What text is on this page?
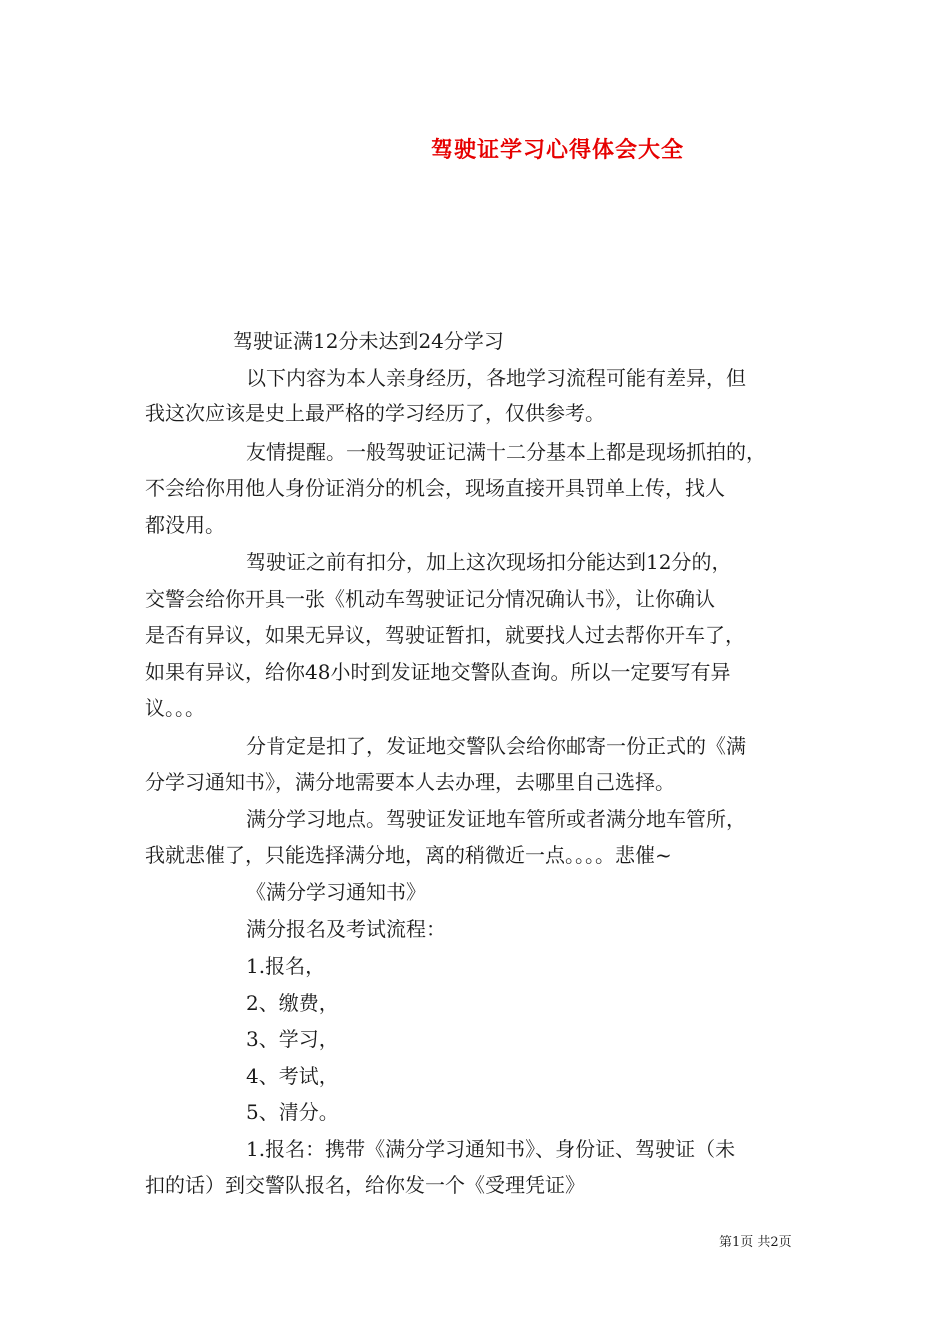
驾驶证学习心得体会大全
驾驶证满12分未达到24分学习
以下内容为本人亲身经历，各地学习流程可能有差异，但
我这次应该是史上最严格的学习经历了，仅供参考。
友情提醒。一般驾驶证记满十二分基本上都是现场抓拍的，
不会给你用他人身份证消分的机会，现场直接开具罚单上传，找人
都没用。
驾驶证之前有扣分，加上这次现场扣分能达到12分的，
交警会给你开具一张《机动车驾驶证记分情况确认书》，让你确认
是否有异议，如果无异议，驾驶证暂扣，就要找人过去帮你开车了，
如果有异议，给你48小时到发证地交警队查询。所以一定要写有异
议。。。
分肯定是扣了，发证地交警队会给你邮寄一份正式的《满
分学习通知书》，满分地需要本人去办理，去哪里自己选择。
满分学习地点。驾驶证发证地车管所或者满分地车管所，
我就悲催了，只能选择满分地，离的稍微近一点。。。。悲催~
《满分学习通知书》
满分报名及考试流程：
1.报名，
2、缴费，
3、学习，
4、考试，
5、清分。
1.报名：携带《满分学习通知书》、身份证、驾驶证（未
扣的话）到交警队报名，给你发一个《受理凭证》
第1页 共2页
